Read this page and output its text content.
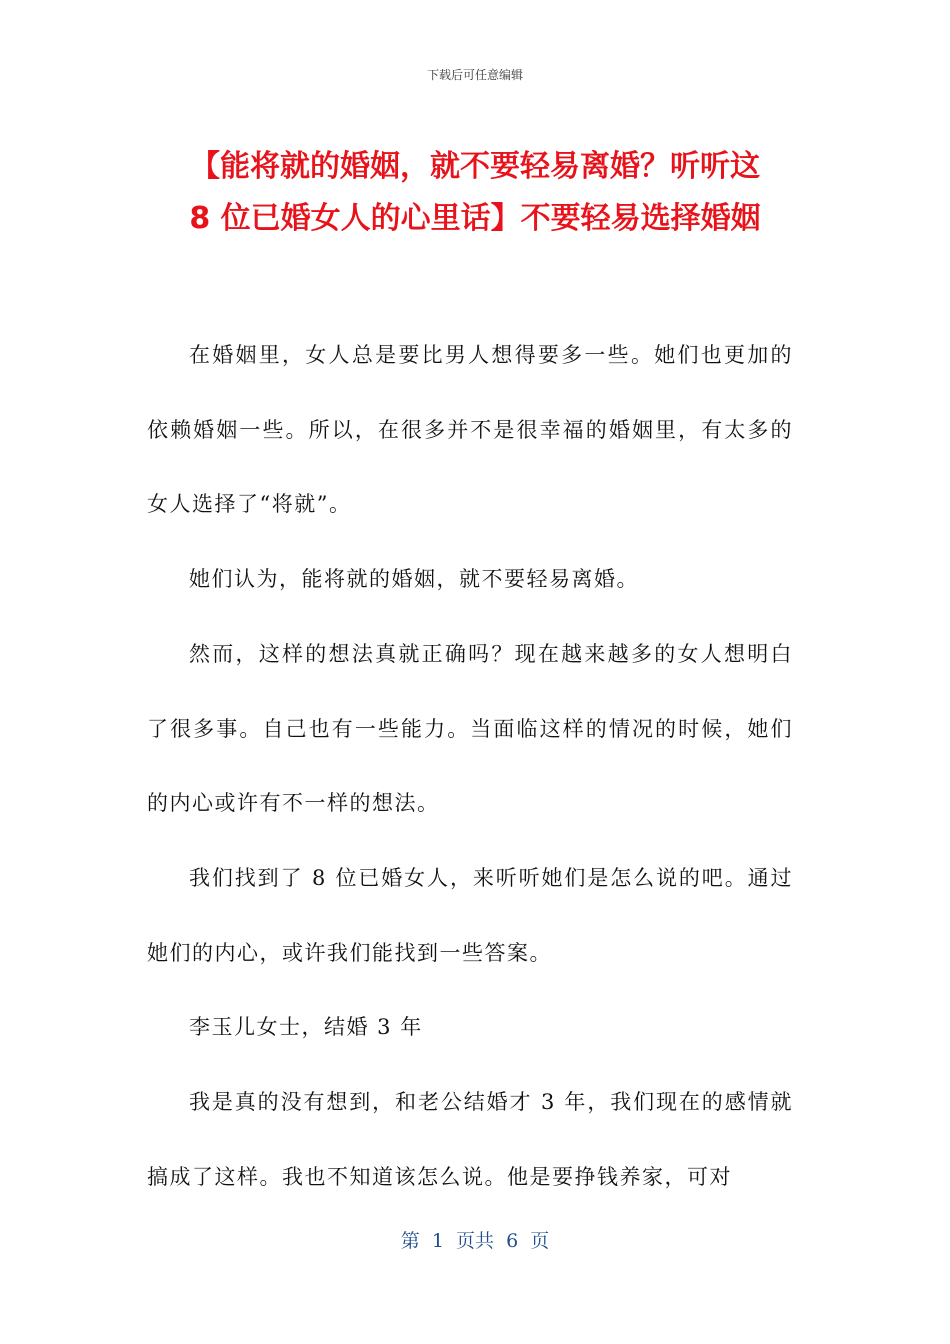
下载后可任意编辑
【能将就的婚姻，就不要轻易离婚？听听这
8 位已婚女人的心里话】不要轻易选择婚姻

在婚姻里，女人总是要比男人想得要多一些。她们也更加的依赖婚姻一些。所以，在很多并不是很幸福的婚姻里，有太多的女人选择了“将就”。

她们认为，能将就的婚姻，就不要轻易离婚。

然而，这样的想法真就正确吗？现在越来越多的女人想明白了很多事。自己也有一些能力。当面临这样的情况的时候，她们的内心或许有不一样的想法。

我们找到了 8 位已婚女人，来听听她们是怎么说的吧。通过她们的内心，或许我们能找到一些答案。

李玉儿女士，结婚 3 年

我是真的没有想到，和老公结婚才 3 年，我们现在的感情就搞成了这样。我也不知道该怎么说。他是要挣钱养家，可对

第  1  页共  6  页
